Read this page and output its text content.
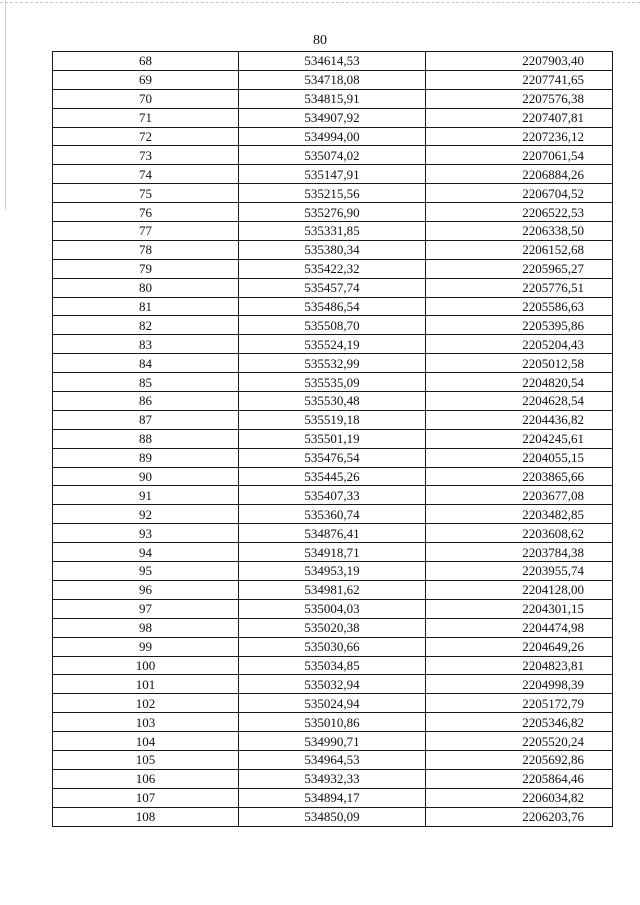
80
68	534614,53	2207903,40
69	534718,08	2207741,65
70	534815,91	2207576,38
71	534907,92	2207407,81
72	534994,00	2207236,12
73	535074,02	2207061,54
74	535147,91	2206884,26
75	535215,56	2206704,52
76	535276,90	2206522,53
77	535331,85	2206338,50
78	535380,34	2206152,68
79	535422,32	2205965,27
80	535457,74	2205776,51
81	535486,54	2205586,63
82	535508,70	2205395,86
83	535524,19	2205204,43
84	535532,99	2205012,58
85	535535,09	2204820,54
86	535530,48	2204628,54
87	535519,18	2204436,82
88	535501,19	2204245,61
89	535476,54	2204055,15
90	535445,26	2203865,66
91	535407,33	2203677,08
92	535360,74	2203482,85
93	534876,41	2203608,62
94	534918,71	2203784,38
95	534953,19	2203955,74
96	534981,62	2204128,00
97	535004,03	2204301,15
98	535020,38	2204474,98
99	535030,66	2204649,26
100	535034,85	2204823,81
101	535032,94	2204998,39
102	535024,94	2205172,79
103	535010,86	2205346,82
104	534990,71	2205520,24
105	534964,53	2205692,86
106	534932,33	2205864,46
107	534894,17	2206034,82
108	534850,09	2206203,76
